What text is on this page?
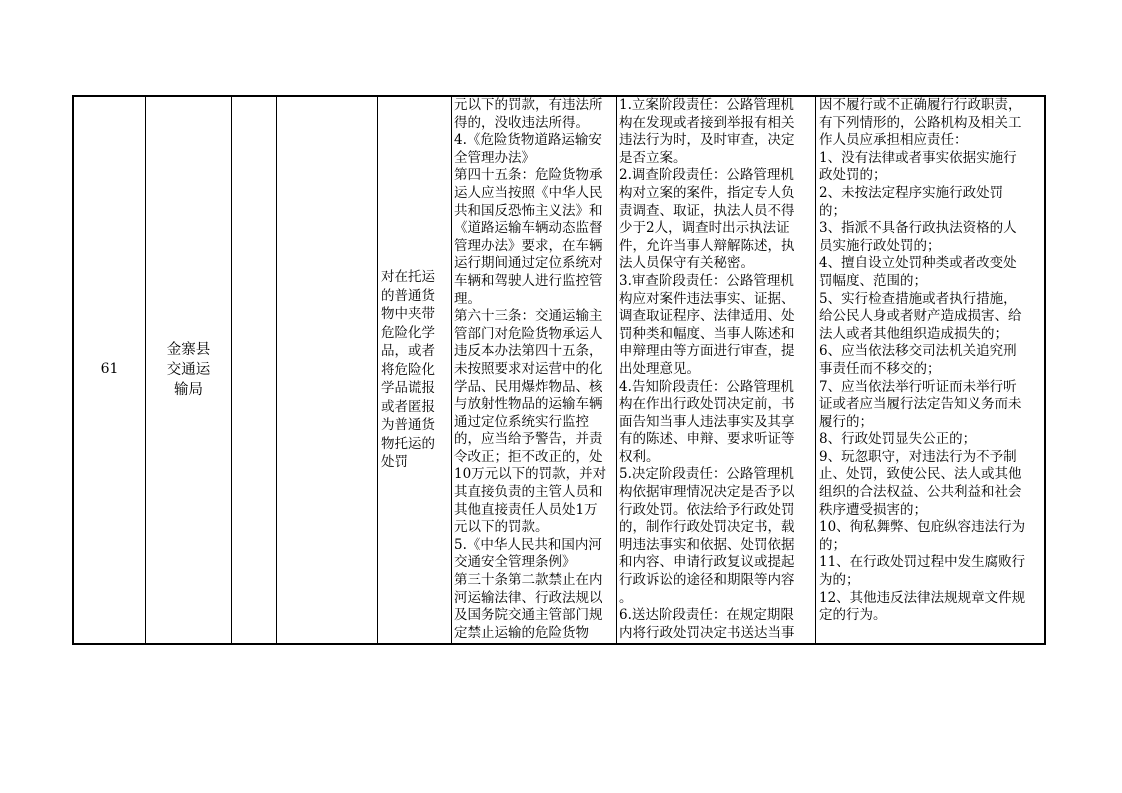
61
金寨县
交通运
输局
对在托运
的普通货
物中夹带
危险化学
品，或者
将危险化
学品谎报
或者匿报
为普通货
物托运的
处罚
元以下的罚款，有违法所
得的，没收违法所得。
4.《危险货物道路运输安
全管理办法》
第四十五条：危险货物承
运人应当按照《中华人民
共和国反恐怖主义法》和
《道路运输车辆动态监督
管理办法》要求，在车辆
运行期间通过定位系统对
车辆和驾驶人进行监控管
理。
第六十三条：交通运输主
管部门对危险货物承运人
违反本办法第四十五条，
未按照要求对运营中的化
学品、民用爆炸物品、核
与放射性物品的运输车辆
通过定位系统实行监控
的，应当给予警告，并责
令改正；拒不改正的，处
10万元以下的罚款，并对
其直接负责的主管人员和
其他直接责任人员处1万
元以下的罚款。
5.《中华人民共和国内河
交通安全管理条例》
第三十条第二款禁止在内
河运输法律、行政法规以
及国务院交通主管部门规
定禁止运输的危险货物
1.立案阶段责任：公路管理机
构在发现或者接到举报有相关
违法行为时，及时审查，决定
是否立案。
2.调查阶段责任：公路管理机
构对立案的案件，指定专人负
责调查、取证，执法人员不得
少于2人，调查时出示执法证
件，允许当事人辩解陈述，执
法人员保守有关秘密。
3.审查阶段责任：公路管理机
构应对案件违法事实、证据、
调查取证程序、法律适用、处
罚种类和幅度、当事人陈述和
申辩理由等方面进行审查，提
出处理意见。
4.告知阶段责任：公路管理机
构在作出行政处罚决定前，书
面告知当事人违法事实及其享
有的陈述、申辩、要求听证等
权利。
5.决定阶段责任：公路管理机
构依据审理情况决定是否予以
行政处罚。依法给予行政处罚
的，制作行政处罚决定书，载
明违法事实和依据、处罚依据
和内容、申请行政复议或提起
行政诉讼的途径和期限等内容
。
6.送达阶段责任：在规定期限
内将行政处罚决定书送达当事
因不履行或不正确履行行政职责，
有下列情形的，公路机构及相关工
作人员应承担相应责任：
1、没有法律或者事实依据实施行
政处罚的；
2、未按法定程序实施行政处罚
的；
3、指派不具备行政执法资格的人
员实施行政处罚的；
4、擅自设立处罚种类或者改变处
罚幅度、范围的；
5、实行检查措施或者执行措施，
给公民人身或者财产造成损害、给
法人或者其他组织造成损失的；
6、应当依法移交司法机关追究刑
事责任而不移交的；
7、应当依法举行听证而未举行听
证或者应当履行法定告知义务而未
履行的；
8、行政处罚显失公正的；
9、玩忽职守，对违法行为不予制
止、处罚，致使公民、法人或其他
组织的合法权益、公共利益和社会
秩序遭受损害的；
10、徇私舞弊、包庇纵容违法行为
的；
11、在行政处罚过程中发生腐败行
为的；
12、其他违反法律法规规章文件规
定的行为。
